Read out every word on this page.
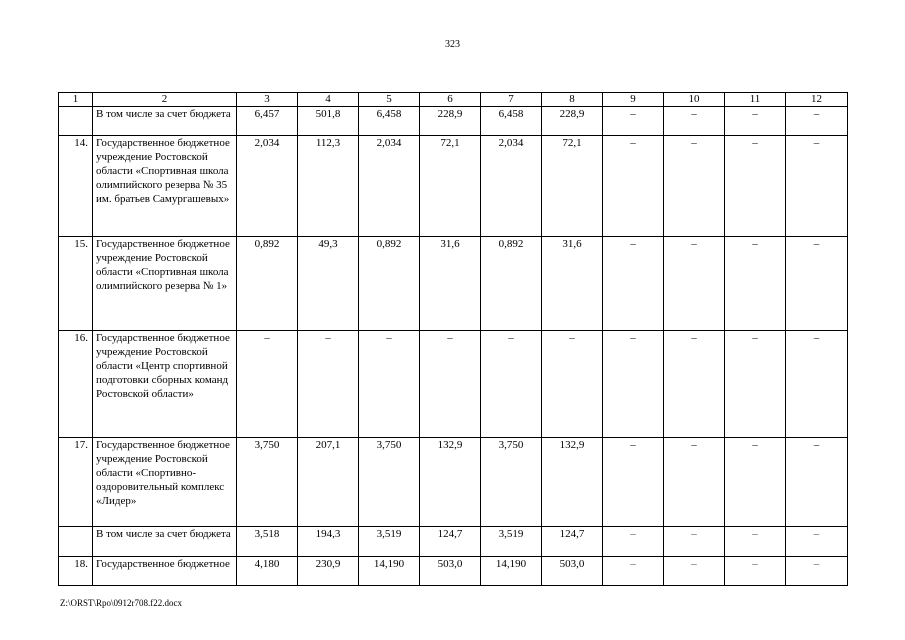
323
1	2	3	4	5	6	7	8	9	10	11	12
	В том числе за счет бюджета	6,457	501,8	6,458	228,9	6,458	228,9	–	–	–	–
14.	Государственное бюджетное учреждение Ростовской области «Спортивная школа олимпийского резерва № 35 им. братьев Самургашевых»	2,034	112,3	2,034	72,1	2,034	72,1	–	–	–	–
15.	Государственное бюджетное учреждение Ростовской области «Спортивная школа олимпийского резерва № 1»	0,892	49,3	0,892	31,6	0,892	31,6	–	–	–	–
16.	Государственное бюджетное учреждение Ростовской области «Центр спортивной подготовки сборных команд Ростовской области»	–	–	–	–	–	–	–	–	–	–
17.	Государственное бюджетное учреждение Ростовской области «Спортивно-оздоровительный комплекс «Лидер»	3,750	207,1	3,750	132,9	3,750	132,9	–	–	–	–
	В том числе за счет бюджета	3,518	194,3	3,519	124,7	3,519	124,7	–	–	–	–
18.	Государственное бюджетное	4,180	230,9	14,190	503,0	14,190	503,0	–	–	–	–
Z:\ORST\Rpo\0912r708.f22.docx
